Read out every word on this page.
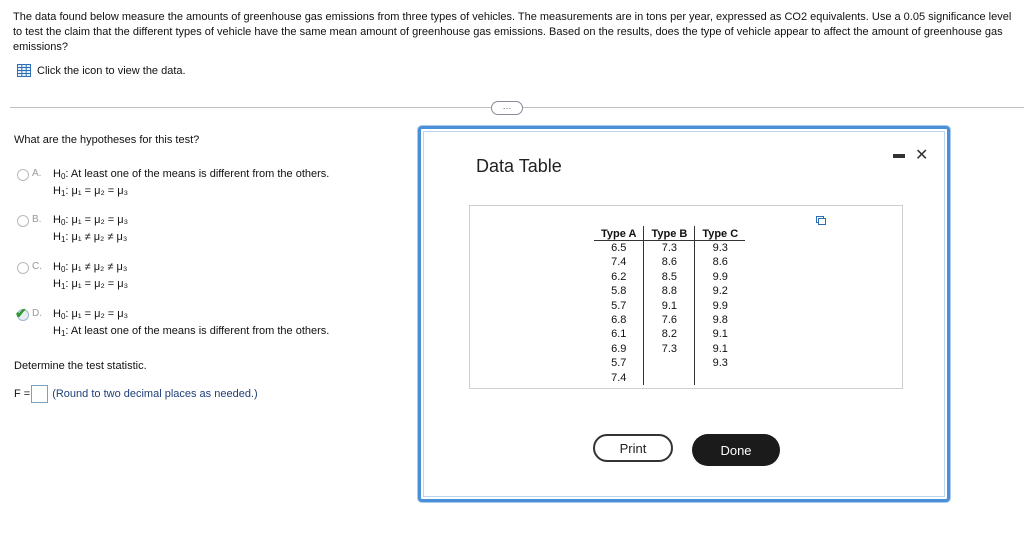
The data found below measure the amounts of greenhouse gas emissions from three types of vehicles. The measurements are in tons per year, expressed as CO2 equivalents. Use a 0.05 significance level to test the claim that the different types of vehicle have the same mean amount of greenhouse gas emissions. Based on the results, does the type of vehicle appear to affect the amount of greenhouse gas emissions?
Click the icon to view the data.
…
What are the hypotheses for this test?
A. $H_0$: At least one of the means is different from the others.
$H_1$: μ₁ = μ₂ = μ₃
B. $H_0$: μ₁ = μ₂ = μ₃
$H_1$: μ₁ ≠ μ₂ ≠ μ₃
C. $H_0$: μ₁ ≠ μ₂ ≠ μ₃
$H_1$: μ₁ = μ₂ = μ₃
✔ D. $H_0$: μ₁ = μ₂ = μ₃
$H_1$: At least one of the means is different from the others.
Determine the test statistic.
F = (Round to two decimal places as needed.)
Data Table
✕
Type A	Type B	Type C
6.5	7.3	9.3
7.4	8.6	8.6
6.2	8.5	9.9
5.8	8.8	9.2
5.7	9.1	9.9
6.8	7.6	9.8
6.1	8.2	9.1
6.9	7.3	9.1
5.7		9.3
7.4		
Print	Done
